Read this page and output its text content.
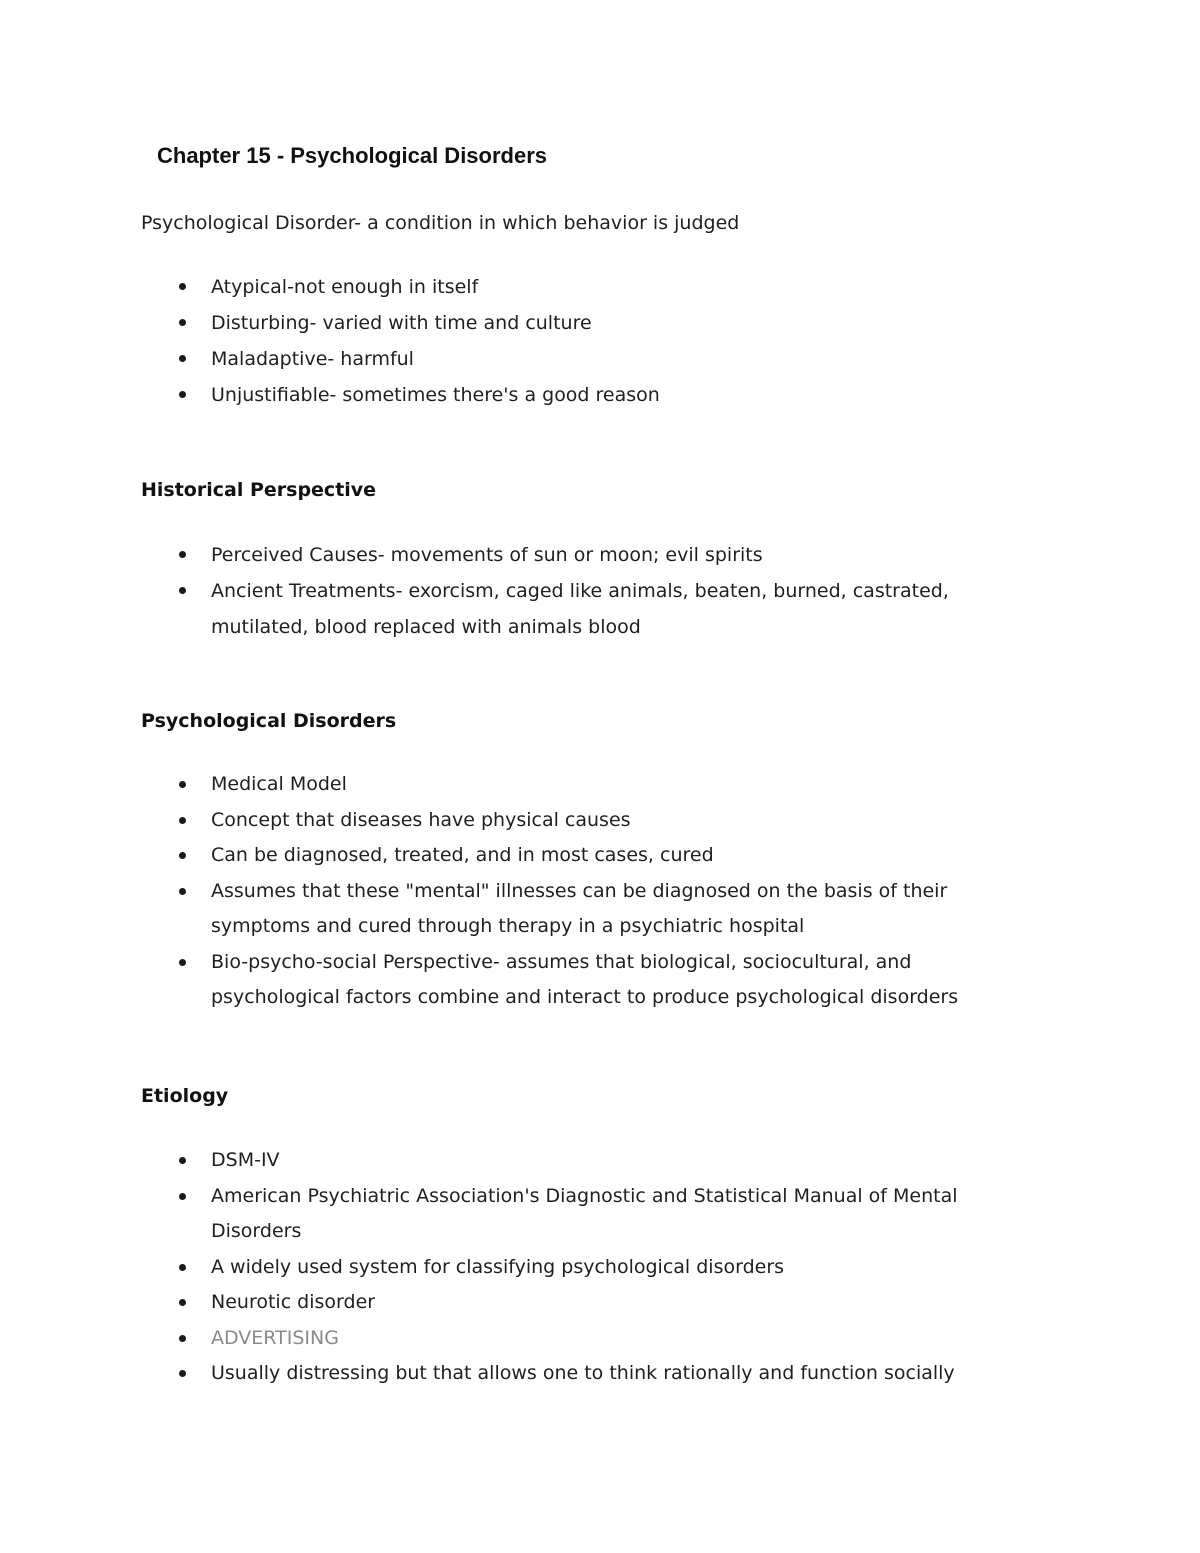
Chapter 15 - Psychological Disorders

Psychological Disorder- a condition in which behavior is judged

Atypical-not enough in itself
Disturbing- varied with time and culture
Maladaptive- harmful
Unjustifiable- sometimes there's a good reason
Historical Perspective
Perceived Causes- movements of sun or moon; evil spirits
Ancient Treatments- exorcism, caged like animals, beaten, burned, castrated, mutilated, blood replaced with animals blood
Psychological Disorders
Medical Model
Concept that diseases have physical causes
Can be diagnosed, treated, and in most cases, cured
Assumes that these "mental" illnesses can be diagnosed on the basis of their symptoms and cured through therapy in a psychiatric hospital
Bio-psycho-social Perspective- assumes that biological, sociocultural, and psychological factors combine and interact to produce psychological disorders
Etiology
DSM-IV
American Psychiatric Association's Diagnostic and Statistical Manual of Mental Disorders
A widely used system for classifying psychological disorders
Neurotic disorder
ADVERTISING
Usually distressing but that allows one to think rationally and function socially
